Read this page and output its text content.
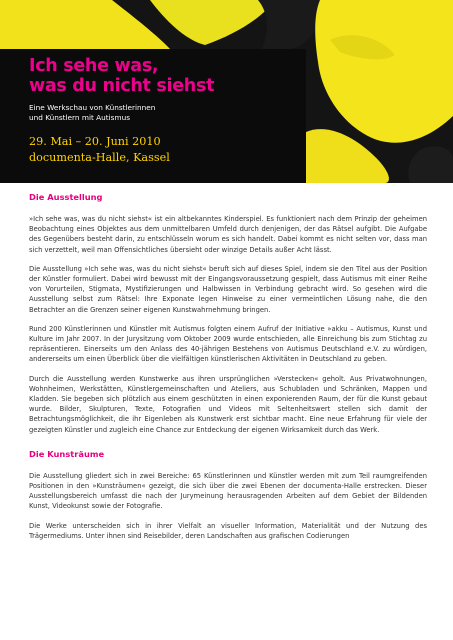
Ich sehe was,
was du nicht siehst

Eine Werkschau von Künstlerinnen
und Künstlern mit Autismus

29. Mai – 20. Juni 2010
documenta-Halle, Kassel

Die Ausstellung

»Ich sehe was, was du nicht siehst« ist ein altbekanntes Kinderspiel. Es funktioniert nach dem Prinzip der geheimen Beobachtung eines Objektes aus dem unmittelbaren Umfeld durch denjenigen, der das Rätsel aufgibt. Die Aufgabe des Gegenübers besteht darin, zu entschlüsseln worum es sich handelt. Dabei kommt es nicht selten vor, dass man sich verzettelt, weil man Offensichtliches übersieht oder winzige Details außer Acht lässt.

Die Ausstellung »Ich sehe was, was du nicht siehst« beruft sich auf dieses Spiel, indem sie den Titel aus der Position der Künstler formuliert. Dabei wird bewusst mit der Eingangsvoraussetzung gespielt, dass Autismus mit einer Reihe von Vorurteilen, Stigmata, Mystifizierungen und Halbwissen in Verbindung gebracht wird. So gesehen wird die Ausstellung selbst zum Rätsel: Ihre Exponate legen Hinweise zu einer vermeintlichen Lösung nahe, die den Betrachter an die Grenzen seiner eigenen Kunstwahrnehmung bringen.

Rund 200 Künstlerinnen und Künstler mit Autismus folgten einem Aufruf der Initiative »akku – Autismus, Kunst und Kulture im Jahr 2007. In der Jurysitzung vom Oktober 2009 wurde entschieden, alle Einreichung bis zum Stichtag zu repräsentieren. Einerseits um den Anlass des 40-jährigen Bestehens von Autismus Deutschland e.V. zu würdigen, andererseits um einen Überblick über die vielfältigen künstlerischen Aktivitäten in Deutschland zu geben.

Durch die Ausstellung werden Kunstwerke aus ihren ursprünglichen »Verstecken« geholt. Aus Privatwohnungen, Wohnheimen, Werkstätten, Künstlergemeinschaften und Ateliers, aus Schubladen und Schränken, Mappen und Kladden. Sie begeben sich plötzlich aus einem geschützten in einen exponierenden Raum, der für die Kunst gebaut wurde. Bilder, Skulpturen, Texte, Fotografien und Videos mit Seltenheitswert stellen sich damit der Betrachtungsmöglichkeit, die ihr Eigenleben als Kunstwerk erst sichtbar macht. Eine neue Erfahrung für viele der gezeigten Künstler und zugleich eine Chance zur Entdeckung der eigenen Wirksamkeit durch das Werk.

Die Kunsträume

Die Ausstellung gliedert sich in zwei Bereiche: 65 Künstlerinnen und Künstler werden mit zum Teil raumgreifenden Positionen in den »Kunsträumen« gezeigt, die sich über die zwei Ebenen der documenta-Halle erstrecken. Dieser Ausstellungsbereich umfasst die nach der Jurymeinung herausragenden Arbeiten auf dem Gebiet der Bildenden Kunst, Videokunst sowie der Fotografie.

Die Werke unterscheiden sich in ihrer Vielfalt an visueller Information, Materialität und der Nutzung des Trägermediums. Unter ihnen sind Reisebilder, deren Landschaften aus grafischen Codierungen
